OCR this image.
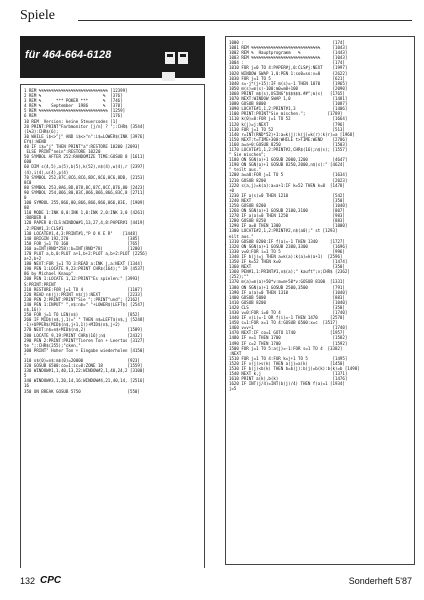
Spiele
für 464-664-6128
1 REM %%%%%%%%%%%%%%%%%%%%%%%%%%%% [12399]
2 REM %                         %  [376]
3 REM %      *** POKER ***      %  [746]
4 REM %    September  1986      %  [378]
5 REM %%%%%%%%%%%%%%%%%%%%%%%%%%%% [1259]
6 REM                              [176]
10 REM  Version: keine Steuercodes [1]
20 PRINT:PRINT"Farbmonitor [j/n] ? ";:CHR$ [3544]
(1%3):CHR$(6);
30 WHILE i$<>"j" AND i$<>"n":i$=LOWER$(INK [3976]
EY$):WEND
40 IF i$="j" THEN PRINT"a":RESTORE 10200 [2093]
ELSE PRINT"nein":RESTORE 10220
50 SYMBOL AFTER 252:RANDOMIZE TIME:GOSUB 8 [1611]
600
60 DIM s(4,5),a(5),b(5),k(52),n$(4),w(4),r [2397]
(4),i(4),u(4),p(4)
70 SYMBOL 252,87C,8C6,8C6,8DC,8C6,8C6,8DB, [2153]
8C0
80 SYMBOL 253,8A6,8D,878,8C,87C,8CC,876,80 [2423]
90 SYMBOL 254,866,80,83C,866,866,866,83C,8 [2711]
0
100 SYMBOL 255,866,80,866,866,866,866,83E, [1909]
80
110 MODE 1:INK 0,0:INK 1,0:INK 2,0:INK 3,0 [4261]
:BORDER 0
120 PAPER 0:CLS:WINDOW#1,13,27,4,8:PAPER#1 [4419]
,2:PEN#1,3:CLS#1
130 LOCATE#1,4,3:PRINT#1,"P O K E R"    [1448]
140 ORIGIN 192,270                        [385]
150 FOR j=1 TO 160                        [765]
160 a=INT(RND*258):b=INT(RND*78)          [1280]
170 PLOT a,b,0:PLOT a+1,b+2:PLOT a,b+2:PLOT [2256]
a+2,b+2
180 NEXT:FOR j=1 TO 3:READ a:INK j,a:NEXT [1344]
190 PEN 1:LOCATE 9,23:PRINT CHR$(164);" 19 [4537]
86 by Michael Knaup"
200 PEN 1:LOCATE 1,12:PRINT"Es spielen:" [3993]
S:PRINT:PRINT
210 RESTORE:FOR j=1 TO 4                  [1107]
220 READ n$(j):PRINT n$(j):NEXT           [2233]
230 PEN 2:PRINT:PRINT"Sie ";:PRINT"und"; [2162]
240 PEN 1:INPUT" ",n$:n$=" "+LOWER$(LEFT$( [2547]
n$,16))
250 FOR j=1 TO LEN(n$)                    [852]
260 IF MID$(n$,j,1)=" " THEN n$=LEFT$(n$,j [5248]
-1)+UPPER$(MID$(n$,j+1,1))+MID$(n$,j+2)
270 NEXT:n$=n$+MID$(n$,2)                 [1589]
280 LOCATE 9,19:PRINT CHR$(16);n$         [2432]
290 PEN 2:PRINT:PRINT"Tieren Ton + Leertas [3127]
te ";:CHR$(255);"cken."
300 PRINT" Hoher Ton + Eingabe wiederholen [4150]
"
310 n$(0)=n$:m$(0)=20000                  [923]
320 GOSUB 6500:co=1:ic=0:ZONE 18          [1559]
330 WINDOW#1,1,40,13,22:WINDOW#2,1,40,24,2 [3100]
5
340 WINDOW#3,1,20,14,16:WINDOW#4,21,40,14, [2516]
16
350 ON BREAK GOSUB 5750                   [550]
1000 :                                    [174]
1001 REM %%%%%%%%%%%%%%%%%%%%%%%%%%%%     [1043]
1002 REM %  Hauptprogramm   %             [1443]
1003 REM %%%%%%%%%%%%%%%%%%%%%%%%%%%%     [1043]
1004 :                                    [174]
1010 FOR j=0 TO 4:PAPER#j,0:CLS#j:NEXT    [1997]
1020 WINDOW SWAP 1,0:PEN 1:so0=so:v=0     [2622]
1030 FOR j=1 TO 5                         [621]
1040 s=-j*(j+15):IF m(s)=-1 THEN 1070     [1965]
1050 m(s)=m(s)-100:m0=m0+100              [2090]
1060 PRINT m$(s),USING"$$$$$$.##";m(s)   [1765]
1070 NEXT:WINDOW SWAP 1,0                 [1481]
1080 GOSUB 8000                           [1087]
1090 LOCATE#1,1,2:PRINT#1,3               [1406]
1100 PRINT:PRINT"Sie mischen.";         [1789]
1110 k(0)=0:FOR j=1 TO 52                 [1664]
1120 k(j)=j:NEXT                          [796]
1130 FOR j=1 TO 52                        [513]
1140 r=INT(RND*52)+1:a=k(j):k(j)=k(r):k(r)=a [1968]
1150 NEXT:t=TIME+300:WHILE t>TIME:WEND    [2786]
1160 a=a+0:GOSUB 8250                     [1503]
1170 LOCATE#1,1,2:PRINT#2,CHR$(16);n$(s); [1557]
" Sie mischen";
1180 ON SGN(a)+1 GOSUB 2000,1200          [4647]
1190 ON SGN(a)+1 GOSUB 8250,2000,n$(s):" [4624]
" teilt aus."
1200 a=a0:FOR j=1 TO 5                    [1634]
1210 GOSUB 8200                           [2023]
1220 s(a,j)=k(a):a=a+1:IF k=52 THEN k=0  [1478]
+0
1230 IF a(s)=0 THEN 1210                  [542]
1240 NEXT                                 [350]
1250 GOSUB 8200                           [1040]
1260 ON SGN(a)+1 GOSUB 2100,3100          [807]
1270 IF a(a)=0 THEN 1250                  [983]
1280 GOSUB 8250                           [883]
1290 IF a=0 THEN 1300                     [1800]
1300 LOCATE#2,1,2:PRINT#2,n$(a0);" st [1293]
eilt aus."
1310 GOSUB 8200:IF f(a)=-1 THEN 1340     [1727]
1320 ON SGN(a)+1 GOSUB 2300,3300          [1696]
1330 v=0:FOR i=1 TO 5                     [996]
1340 IF b(j)=j THEN a=k(a):k(a)=k(a+1)  [2596]
1350 IF k=52 THEN k=0                     [1474]
1360 NEXT                                 [350]
1360 PEN#1,1:PRINT#1,n$(a);" kauft";v;CHR$ [2362]
(252);""
1370 m(a)=m(a)+50*v:m=m+50*v:GOSUB 8100  [1331]
1380 ON SGN(a)+1 GOSUB 2500,3500          [791]
1390 IF a(a)=0 THEN 1310                  [1040]
1400 GOSUB 5000                           [883]
1410 GOSUB 8200                           [1040]
1420 CLS                                  [350]
1430 v=0:FOR i=0 TO 4                     [1740]
1440 IF v(i)=-1 OR f(i)=-1 THEN 1470     [2570]
1450 c=1:FOR x=1 TO 4:GOSUB 6500:x=c  [3517]
1460 v=v+1                                [1740]
1470 NEXT:IF co=1 GOTO 1740              [1957]
1480 IF v=1 THEN 1700                     [1582]
1490 IF c=2 THEN 1700                     [1592]
1500 FOR j=1 TO 5:a(j)=-1:FOR s=1 TO 4  [3382]
:NEXT
1510 FOR j=1 TO 4:FOR k=j+1 TO 5          [1495]
1520 IF v(j)>v(k) THEN a(j)=a(k)         [1450]
1530 IF b(j)<b(k) THEN b=b(j):b(j)=b(k):b(k)=b [1498]
1540 NEXT k,j                             [1371]
1610 PRINT a(k),b(k)                      [1476]
1620 IF INT(j/4)=INT(b(j)/4) THEN f(a)=1 [1934]
j=5
132 CPC	Sonderheft 5'87
